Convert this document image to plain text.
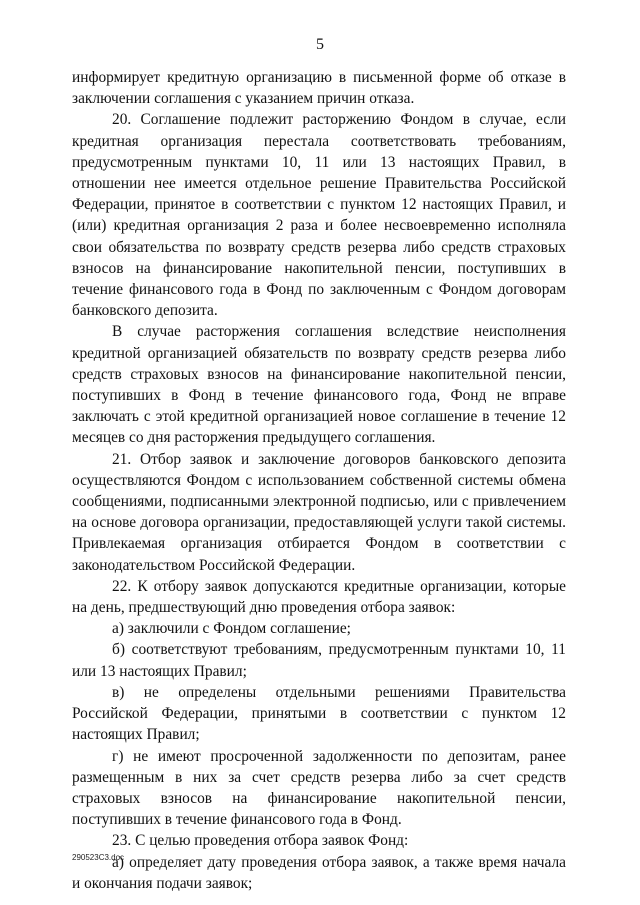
5

информирует кредитную организацию в письменной форме об отказе в заключении соглашения с указанием причин отказа.

20. Соглашение подлежит расторжению Фондом в случае, если кредитная организация перестала соответствовать требованиям, предусмотренным пунктами 10, 11 или 13 настоящих Правил, в отношении нее имеется отдельное решение Правительства Российской Федерации, принятое в соответствии с пунктом 12 настоящих Правил, и (или) кредитная организация 2 раза и более несвоевременно исполняла свои обязательства по возврату средств резерва либо средств страховых взносов на финансирование накопительной пенсии, поступивших в течение финансового года в Фонд по заключенным с Фондом договорам банковского депозита.

В случае расторжения соглашения вследствие неисполнения кредитной организацией обязательств по возврату средств резерва либо средств страховых взносов на финансирование накопительной пенсии, поступивших в Фонд в течение финансового года, Фонд не вправе заключать с этой кредитной организацией новое соглашение в течение 12 месяцев со дня расторжения предыдущего соглашения.

21. Отбор заявок и заключение договоров банковского депозита осуществляются Фондом с использованием собственной системы обмена сообщениями, подписанными электронной подписью, или с привлечением на основе договора организации, предоставляющей услуги такой системы. Привлекаемая организация отбирается Фондом в соответствии с законодательством Российской Федерации.

22. К отбору заявок допускаются кредитные организации, которые на день, предшествующий дню проведения отбора заявок:

а) заключили с Фондом соглашение;

б) соответствуют требованиям, предусмотренным пунктами 10, 11 или 13 настоящих Правил;

в) не определены отдельными решениями Правительства Российской Федерации, принятыми в соответствии с пунктом 12 настоящих Правил;

г) не имеют просроченной задолженности по депозитам, ранее размещенным в них за счет средств резерва либо за счет средств страховых взносов на финансирование накопительной пенсии, поступивших в течение финансового года в Фонд.

23. С целью проведения отбора заявок Фонд:

а) определяет дату проведения отбора заявок, а также время начала и окончания подачи заявок;

290523С3.doc
